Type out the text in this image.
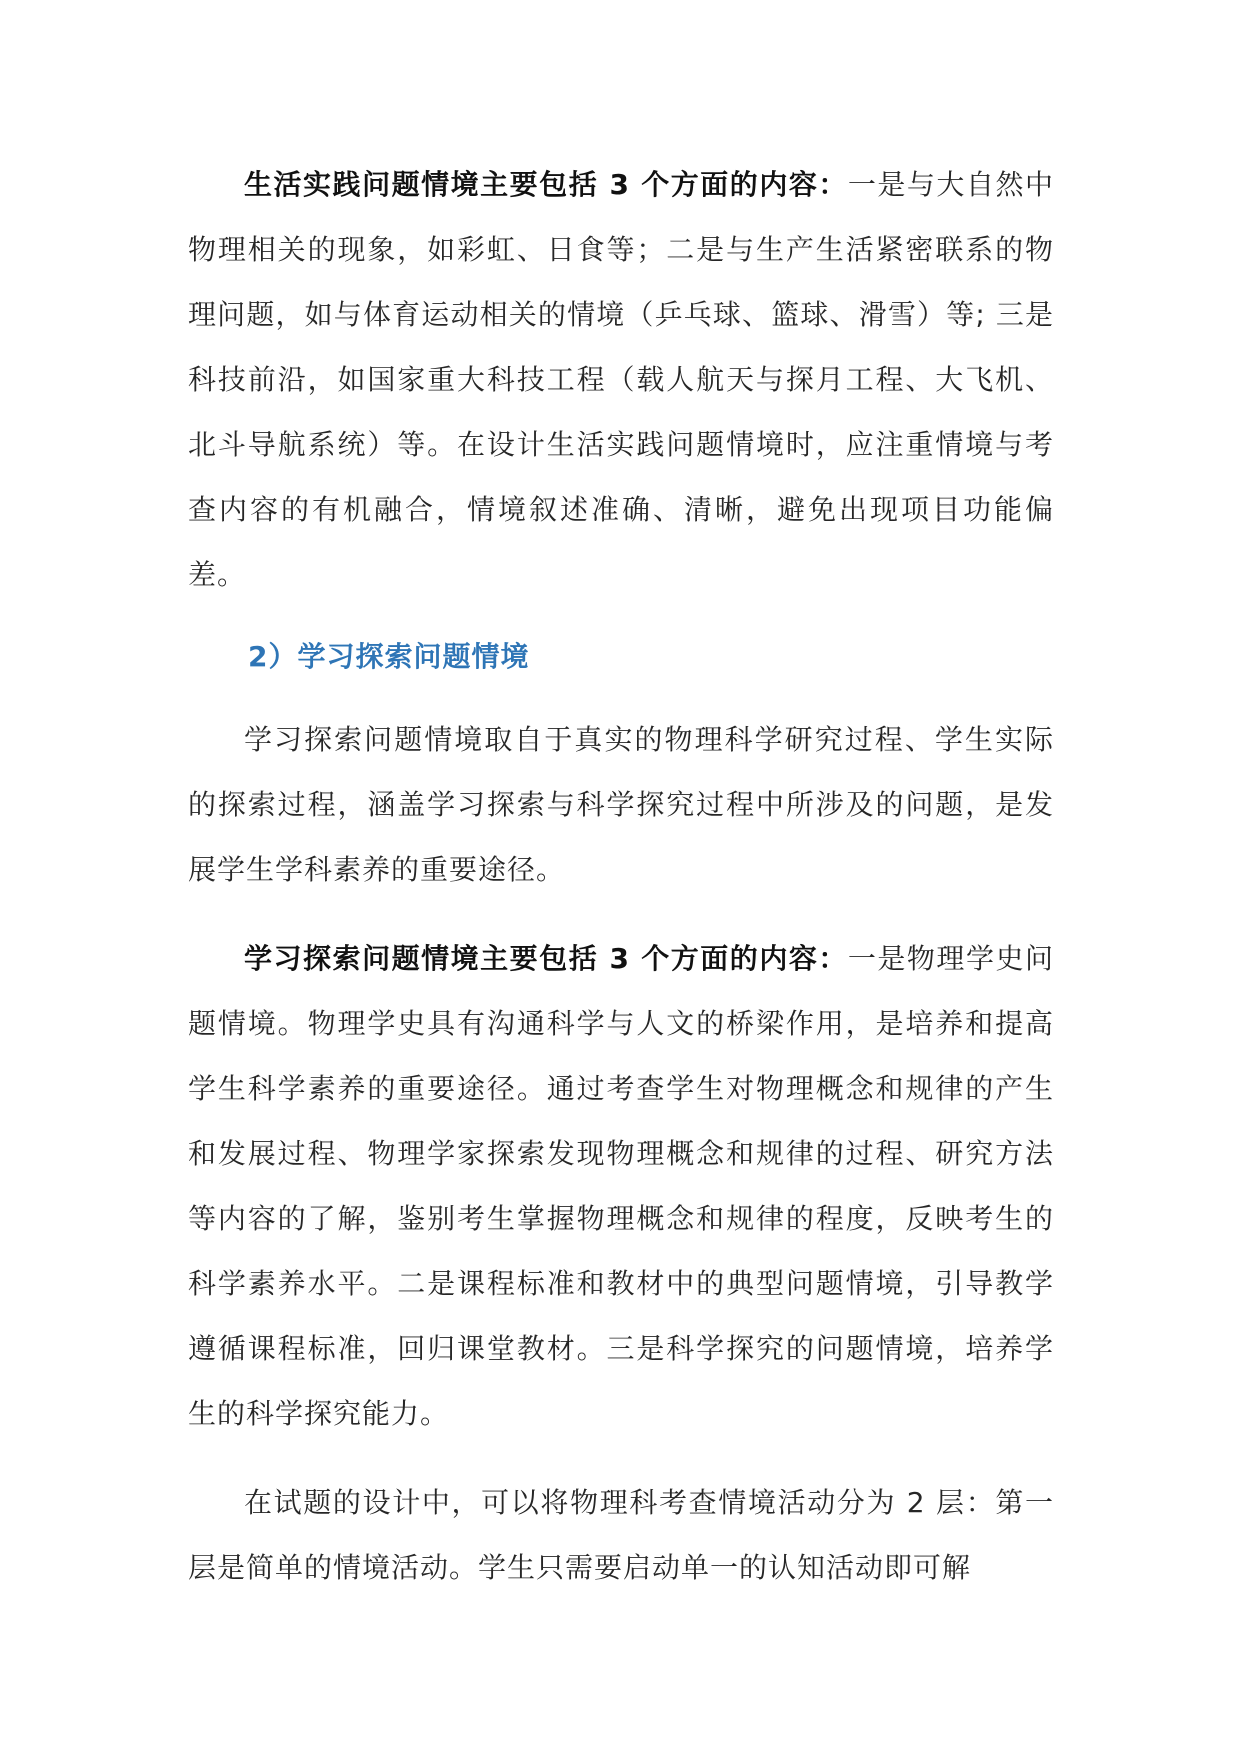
生活实践问题情境主要包括 3 个方面的内容：一是与大自然中物理相关的现象，如彩虹、日食等；二是与生产生活紧密联系的物理问题，如与体育运动相关的情境（乒乓球、篮球、滑雪）等; 三是科技前沿，如国家重大科技工程（载人航天与探月工程、大飞机、北斗导航系统）等。在设计生活实践问题情境时，应注重情境与考查内容的有机融合，情境叙述准确、清晰，避免出现项目功能偏差。

2）学习探索问题情境

学习探索问题情境取自于真实的物理科学研究过程、学生实际的探索过程，涵盖学习探索与科学探究过程中所涉及的问题，是发展学生学科素养的重要途径。

学习探索问题情境主要包括 3 个方面的内容：一是物理学史问题情境。物理学史具有沟通科学与人文的桥梁作用，是培养和提高学生科学素养的重要途径。通过考查学生对物理概念和规律的产生和发展过程、物理学家探索发现物理概念和规律的过程、研究方法等内容的了解，鉴别考生掌握物理概念和规律的程度，反映考生的科学素养水平。二是课程标准和教材中的典型问题情境，引导教学遵循课程标准，回归课堂教材。三是科学探究的问题情境，培养学生的科学探究能力。

在试题的设计中，可以将物理科考查情境活动分为 2 层：第一层是简单的情境活动。学生只需要启动单一的认知活动即可解
